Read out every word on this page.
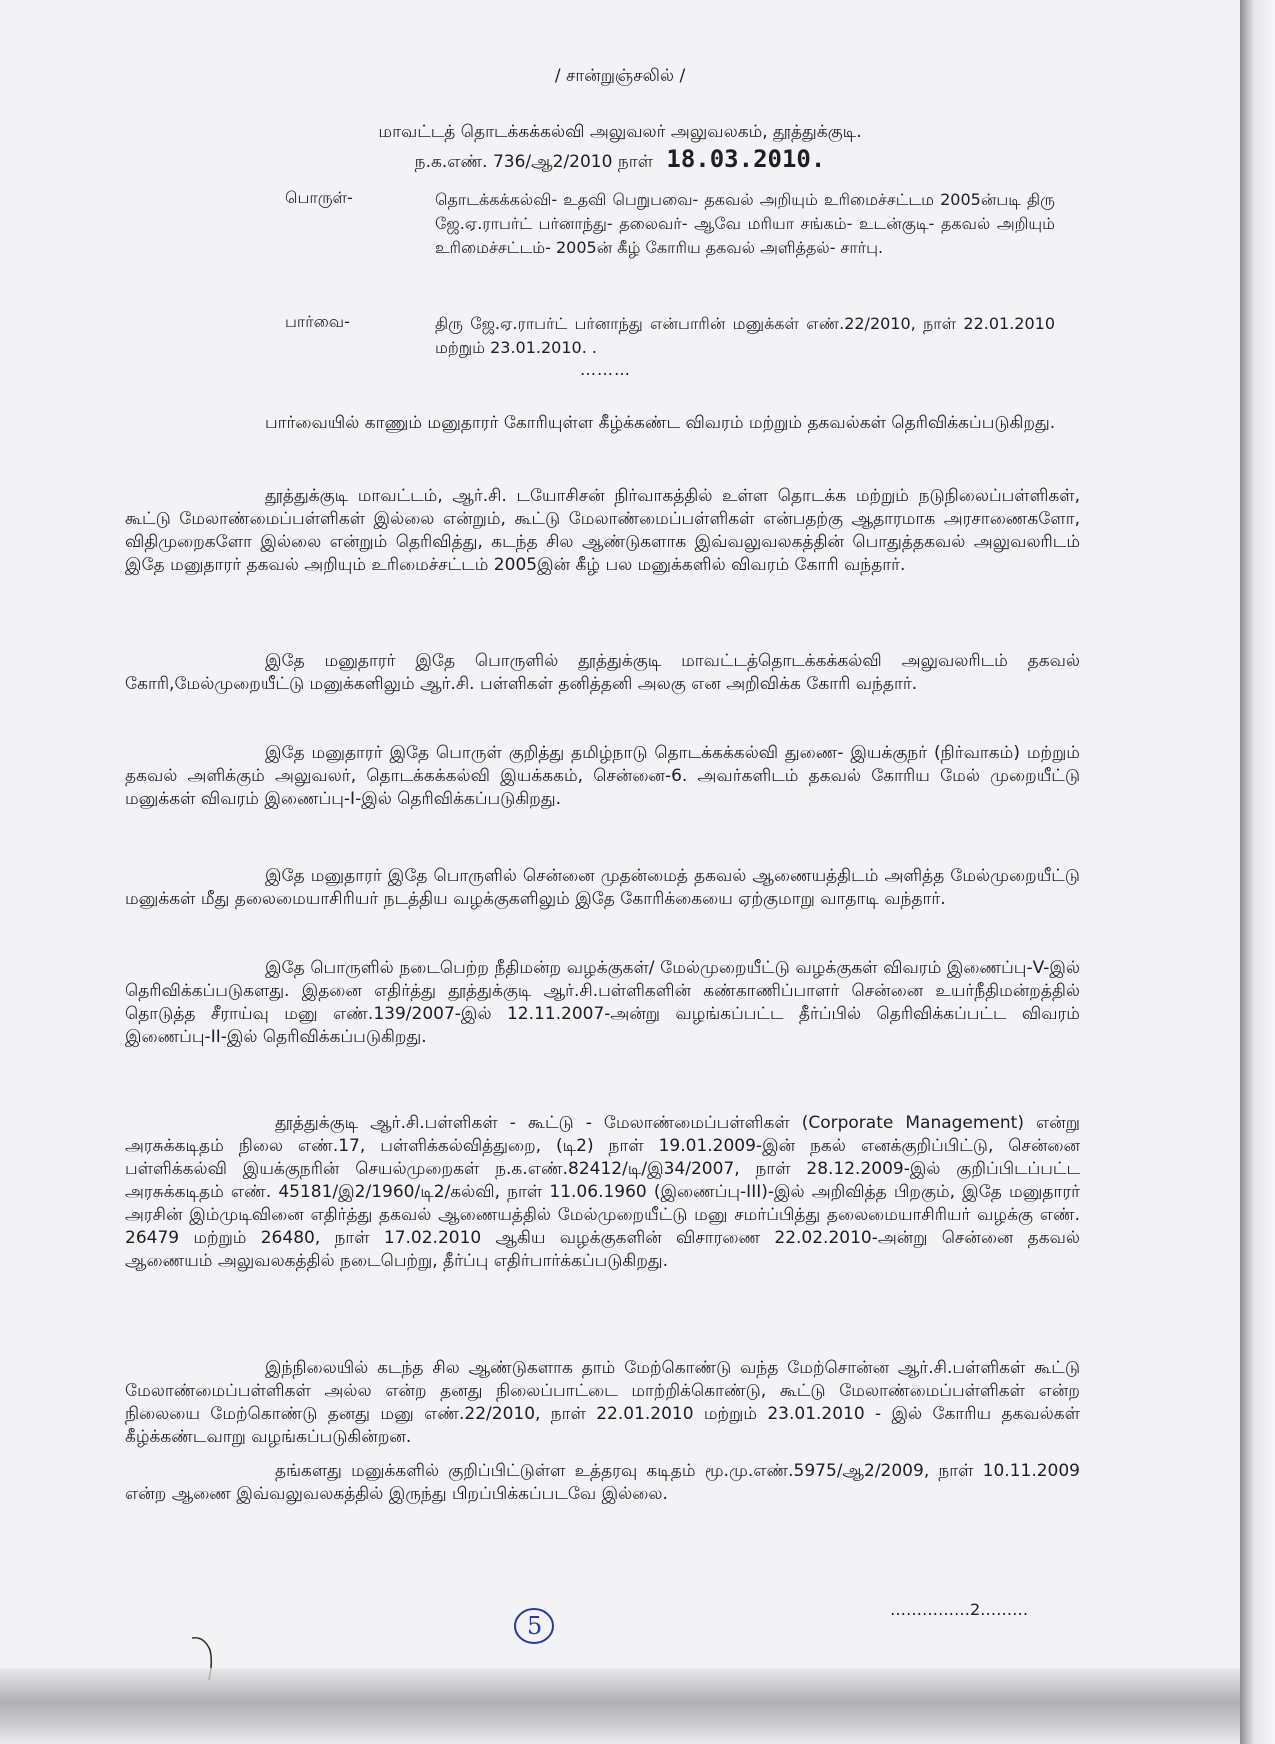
/ சான்றுஞ்சலில் /
மாவட்டத் தொடக்கக்கல்வி அலுவலர் அலுவலகம், தூத்துக்குடி.
ந.க.எண். 736/ஆ2/2010 நாள் 18.03.2010.
பொருள்-	தொடக்கக்கல்வி- உதவி பெறுபவை- தகவல் அறியும் உரிமைச்சட்டம 2005ன்படி திரு ஜே.ஏ.ராபர்ட் பர்னாந்து- தலைவர்- ஆவே மரியா சங்கம்- உடன்குடி- தகவல் அறியும் உரிமைச்சட்டம்- 2005ன் கீழ் கோரிய தகவல் அளித்தல்- சார்பு.
பார்வை-	திரு ஜே.ஏ.ராபர்ட் பர்னாந்து என்பாரின் மனுக்கள் எண்.22/2010, நாள் 22.01.2010 மற்றும் 23.01.2010. .
………

பார்வையில் காணும் மனுதாரர் கோரியுள்ள கீழ்க்கண்ட விவரம் மற்றும் தகவல்கள் தெரிவிக்கப்படுகிறது.

தூத்துக்குடி மாவட்டம், ஆர்.சி. டயோசிசன் நிர்வாகத்தில் உள்ள தொடக்க மற்றும் நடுநிலைப்பள்ளிகள், கூட்டு மேலாண்மைப்பள்ளிகள் இல்லை என்றும், கூட்டு மேலாண்மைப்பள்ளிகள் என்பதற்கு ஆதாரமாக அரசாணைகளோ, விதிமுறைகளோ இல்லை என்றும் தெரிவித்து, கடந்த சில ஆண்டுகளாக இவ்வலுவலகத்தின் பொதுத்தகவல் அலுவலரிடம் இதே மனுதாரர் தகவல் அறியும் உரிமைச்சட்டம் 2005இன் கீழ் பல மனுக்களில் விவரம் கோரி வந்தார்.

இதே மனுதாரர் இதே பொருளில் தூத்துக்குடி மாவட்டத்தொடக்கக்கல்வி அலுவலரிடம் தகவல் கோரி,மேல்முறையீட்டு மனுக்களிலும் ஆர்.சி. பள்ளிகள் தனித்தனி அலகு என அறிவிக்க கோரி வந்தார்.

இதே மனுதாரர் இதே பொருள் குறித்து தமிழ்நாடு தொடக்கக்கல்வி துணை- இயக்குநர் (நிர்வாகம்) மற்றும் தகவல் அளிக்கும் அலுவலர், தொடக்கக்கல்வி இயக்ககம், சென்னை-6. அவர்களிடம் தகவல் கோரிய மேல் முறையீட்டு மனுக்கள் விவரம் இணைப்பு-I-இல் தெரிவிக்கப்படுகிறது.

இதே மனுதாரர் இதே பொருளில் சென்னை முதன்மைத் தகவல் ஆணையத்திடம் அளித்த மேல்முறையீட்டு மனுக்கள் மீது தலைமையாசிரியர் நடத்திய வழக்குகளிலும் இதே கோரிக்கையை ஏற்குமாறு வாதாடி வந்தார்.

இதே பொருளில் நடைபெற்ற நீதிமன்ற வழக்குகள்/ மேல்முறையீட்டு வழக்குகள் விவரம் இணைப்பு-V-இல் தெரிவிக்கப்படுகளது. இதனை எதிர்த்து தூத்துக்குடி ஆர்.சி.பள்ளிகளின் கண்காணிப்பாளர் சென்னை உயர்நீதிமன்றத்தில் தொடுத்த சீராய்வு மனு எண்.139/2007-இல் 12.11.2007-அன்று வழங்கப்பட்ட தீர்ப்பில் தெரிவிக்கப்பட்ட விவரம் இணைப்பு-II-இல் தெரிவிக்கப்படுகிறது.

தூத்துக்குடி ஆர்.சி.பள்ளிகள் - கூட்டு - மேலாண்மைப்பள்ளிகள் (Corporate Management) என்று அரசுக்கடிதம் நிலை எண்.17, பள்ளிக்கல்வித்துறை, (டி2) நாள் 19.01.2009-இன் நகல் எனக்குறிப்பிட்டு, சென்னை பள்ளிக்கல்வி இயக்குநரின் செயல்முறைகள் ந.க.எண்.82412/டி/இ34/2007, நாள் 28.12.2009-இல் குறிப்பிடப்பட்ட அரசுக்கடிதம் எண். 45181/இ2/1960/டி2/கல்வி, நாள் 11.06.1960 (இணைப்பு-III)-இல் அறிவித்த பிறகும், இதே மனுதாரர் அரசின் இம்முடிவினை எதிர்த்து தகவல் ஆணையத்தில் மேல்முறையீட்டு மனு சமர்ப்பித்து தலைமையாசிரியர் வழக்கு எண். 26479 மற்றும் 26480, நாள் 17.02.2010 ஆகிய வழக்குகளின் விசாரணை 22.02.2010-அன்று சென்னை தகவல் ஆணையம் அலுவலகத்தில் நடைபெற்று, தீர்ப்பு எதிர்பார்க்கப்படுகிறது.

இந்நிலையில் கடந்த சில ஆண்டுகளாக தாம் மேற்கொண்டு வந்த மேற்சொன்ன ஆர்.சி.பள்ளிகள் கூட்டு மேலாண்மைப்பள்ளிகள் அல்ல என்ற தனது நிலைப்பாட்டை மாற்றிக்கொண்டு, கூட்டு மேலாண்மைப்பள்ளிகள் என்ற நிலையை மேற்கொண்டு தனது மனு எண்.22/2010, நாள் 22.01.2010 மற்றும் 23.01.2010 - இல் கோரிய தகவல்கள் கீழ்க்கண்டவாறு வழங்கப்படுகின்றன.

தங்களது மனுக்களில் குறிப்பிட்டுள்ள உத்தரவு கடிதம் மூ.மு.எண்.5975/ஆ2/2009, நாள் 10.11.2009 என்ற ஆணை இவ்வலுவலகத்தில் இருந்து பிறப்பிக்கப்படவே இல்லை.

……………2………
5
